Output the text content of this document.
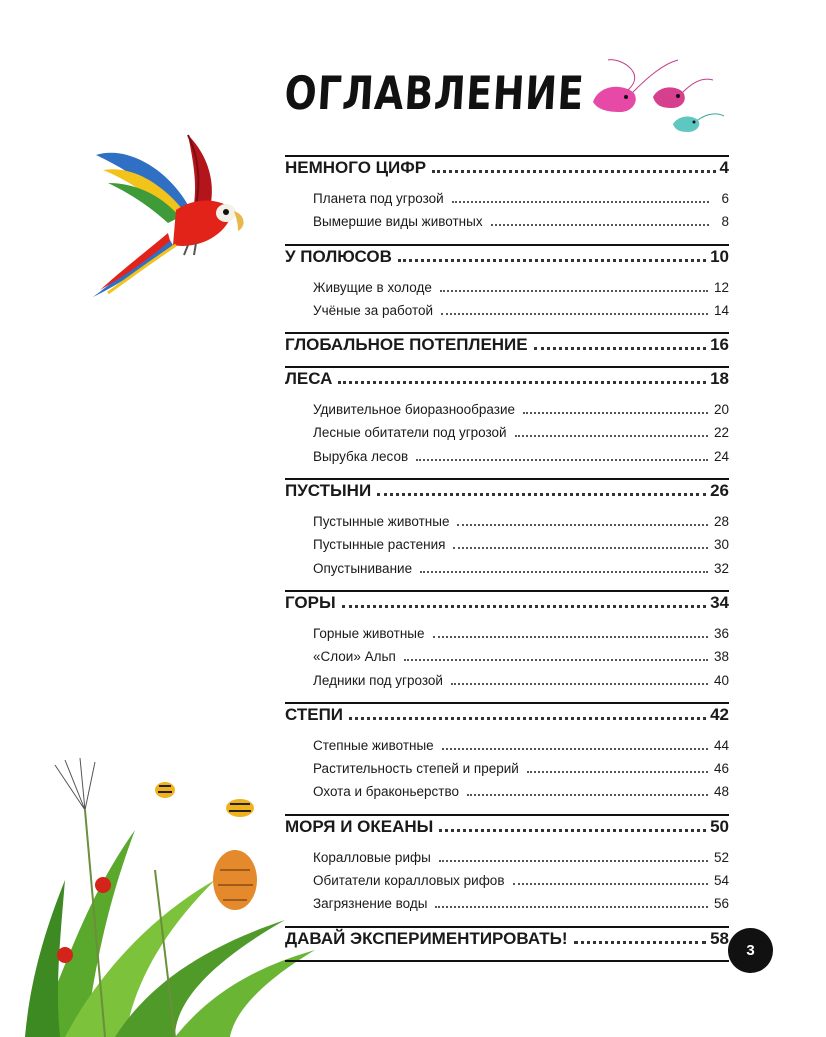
ОГЛАВЛЕНИЕ
НЕМНОГО ЦИФР	4
Планета под угрозой	6
Вымершие виды животных	8
У ПОЛЮСОВ	10
Живущие в холоде	12
Учёные за работой	14
ГЛОБАЛЬНОЕ ПОТЕПЛЕНИЕ	16
ЛЕСА	18
Удивительное биоразнообразие	20
Лесные обитатели под угрозой	22
Вырубка лесов	24
ПУСТЫНИ	26
Пустынные животные	28
Пустынные растения	30
Опустынивание	32
ГОРЫ	34
Горные животные	36
«Слои» Альп	38
Ледники под угрозой	40
СТЕПИ	42
Степные животные	44
Растительность степей и прерий	46
Охота и браконьерство	48
МОРЯ И ОКЕАНЫ	50
Коралловые рифы	52
Обитатели коралловых рифов	54
Загрязнение воды	56
ДАВАЙ ЭКСПЕРИМЕНТИРОВАТЬ!	58
3
